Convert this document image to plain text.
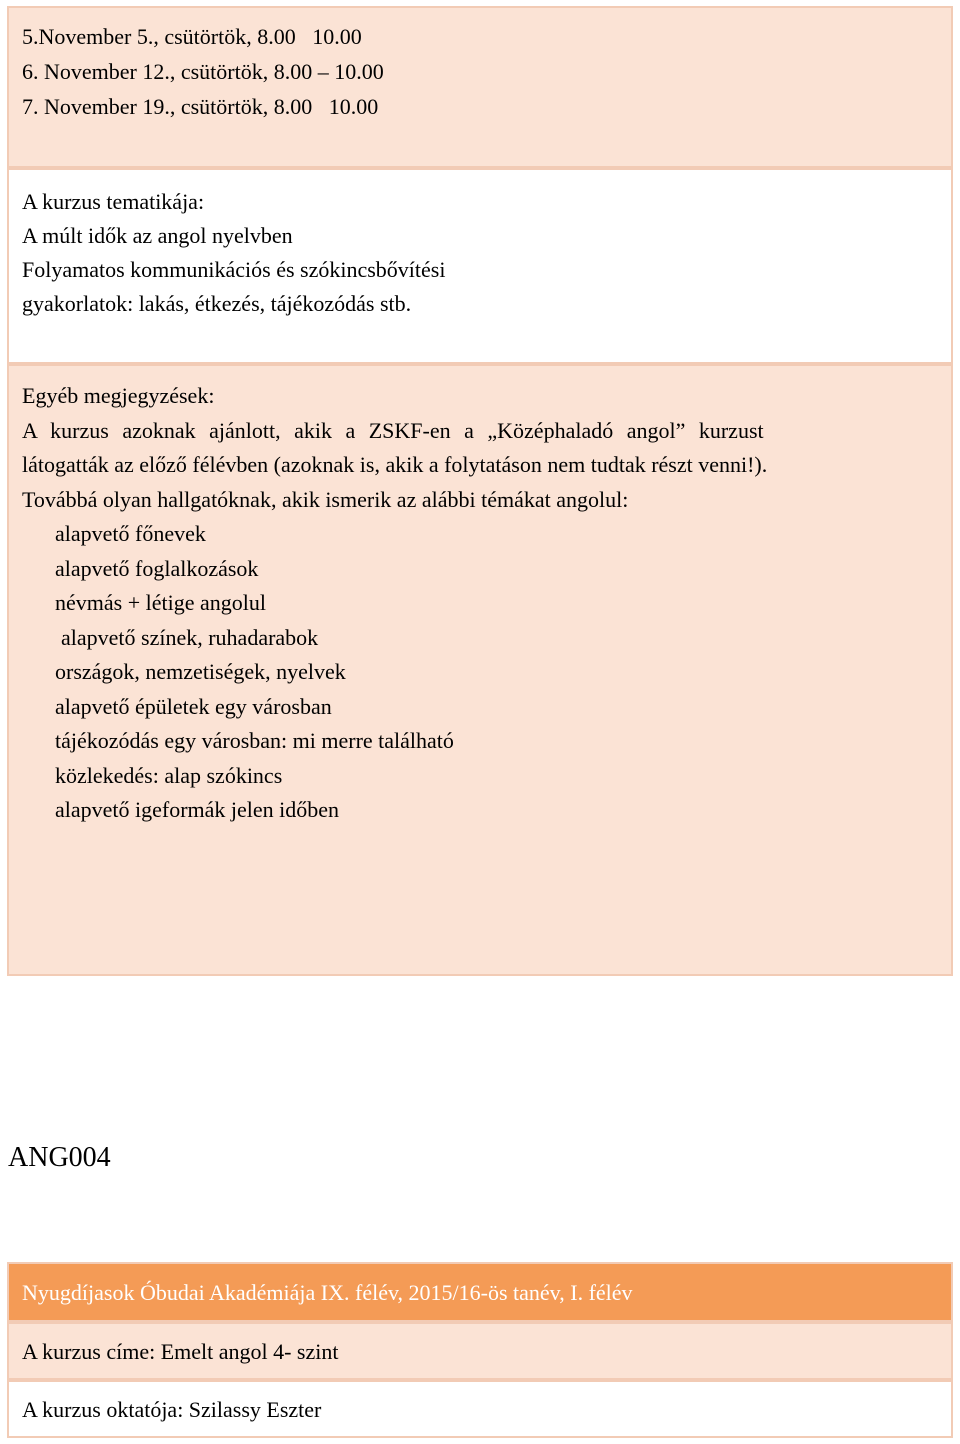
5.November 5., csütörtök, 8.00   10.00
6. November 12., csütörtök, 8.00 – 10.00
7. November 19., csütörtök, 8.00   10.00
A kurzus tematikája:
A múlt idők az angol nyelvben
Folyamatos kommunikációs és szókincsbővítési
gyakorlatok: lakás, étkezés, tájékozódás stb.
Egyéb megjegyzések:
A kurzus azoknak ajánlott, akik a ZSKF-en a „Középhaladó angol” kurzust
látogatták az előző félévben (azoknak is, akik a folytatáson nem tudtak részt venni!).
Továbbá olyan hallgatóknak, akik ismerik az alábbi témákat angolul:
alapvető főnevek
alapvető foglalkozások
névmás + létige angolul
alapvető színek, ruhadarabok
országok, nemzetiségek, nyelvek
alapvető épületek egy városban
tájékozódás egy városban: mi merre található
közlekedés: alap szókincs
alapvető igeformák jelen időben
ANG004
Nyugdíjasok Óbudai Akadémiája IX. félév, 2015/16-ös tanév, I. félév
A kurzus címe: Emelt angol 4- szint
A kurzus oktatója: Szilassy Eszter
